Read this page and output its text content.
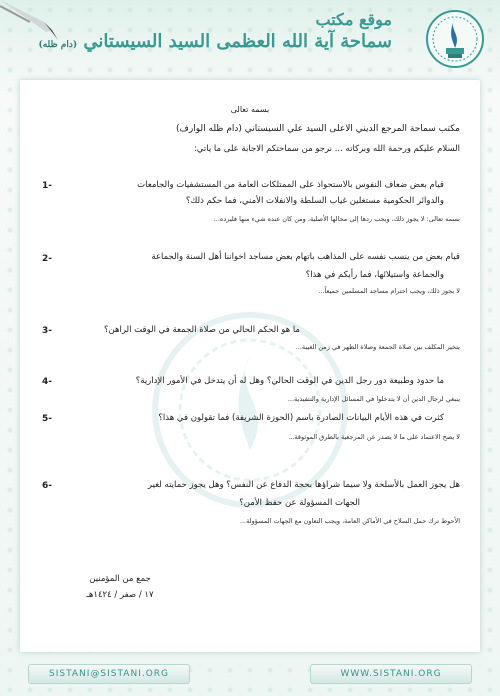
موقع مكتب
سماحة آية الله العظمى السيد السيستاني (دام ظله)
بسمه تعالى
مكتب سماحة المرجع الديني الأعلى السيد علي السيستاني (دام ظله الوارف)
السلام عليكم ورحمة الله وبركاته ... نرجو من سماحتكم الاجابة على ما يأتي:
1-	قيام بعض ضعاف النفوس بالاستحواذ على الممتلكات العامة من المستشفيات والجامعات
والدوائر الحكومية مستغلين غياب السلطة والانفلات الأمني، فما حكم ذلك؟
بسمه تعالى: لا يجوز ذلك، ويجب ردها إلى محالها الأصلية، ومن كان عنده شيء منها فليرده...
2-	قيام بعض من ينسب نفسه على المذاهب باتهام بعض مساجد اخواننا أهل السنة والجماعة
والجماعة واستيلائها، فما رأيكم في هذا؟
لا يجوز ذلك، ويجب احترام مساجد المسلمين جميعاً...
3-	ما هو الحكم الحالي من صلاة الجمعة في الوقت الراهن؟
يتخير المكلف بين صلاة الجمعة وصلاة الظهر في زمن الغيبة...
4-	ما حدود وطبيعة دور رجل الدين في الوقت الحالي؟ وهل له أن يتدخل في الأمور الإدارية؟
ينبغي لرجال الدين أن لا يتدخلوا في المسائل الإدارية والتنفيذية...
5-	كثرت في هذه الأيام البيانات الصادرة باسم (الحوزة الشريفة) فما تقولون في هذا؟
لا يصح الاعتماد على ما لا يصدر عن المرجعية بالطرق الموثوقة...
6-	هل يجوز العمل بالأسلحة ولا سيما شراؤها بحجة الدفاع عن النفس؟ وهل يجوز حمايته لغير
الجهات المسؤولة عن حفظ الأمن؟
الأحوط ترك حمل السلاح في الأماكن العامة، ويجب التعاون مع الجهات المسؤولة...
جمع من المؤمنين
١٧ / صفر / ١٤٢٤هـ
SISTANI@SISTANI.ORG	WWW.SISTANI.ORG
